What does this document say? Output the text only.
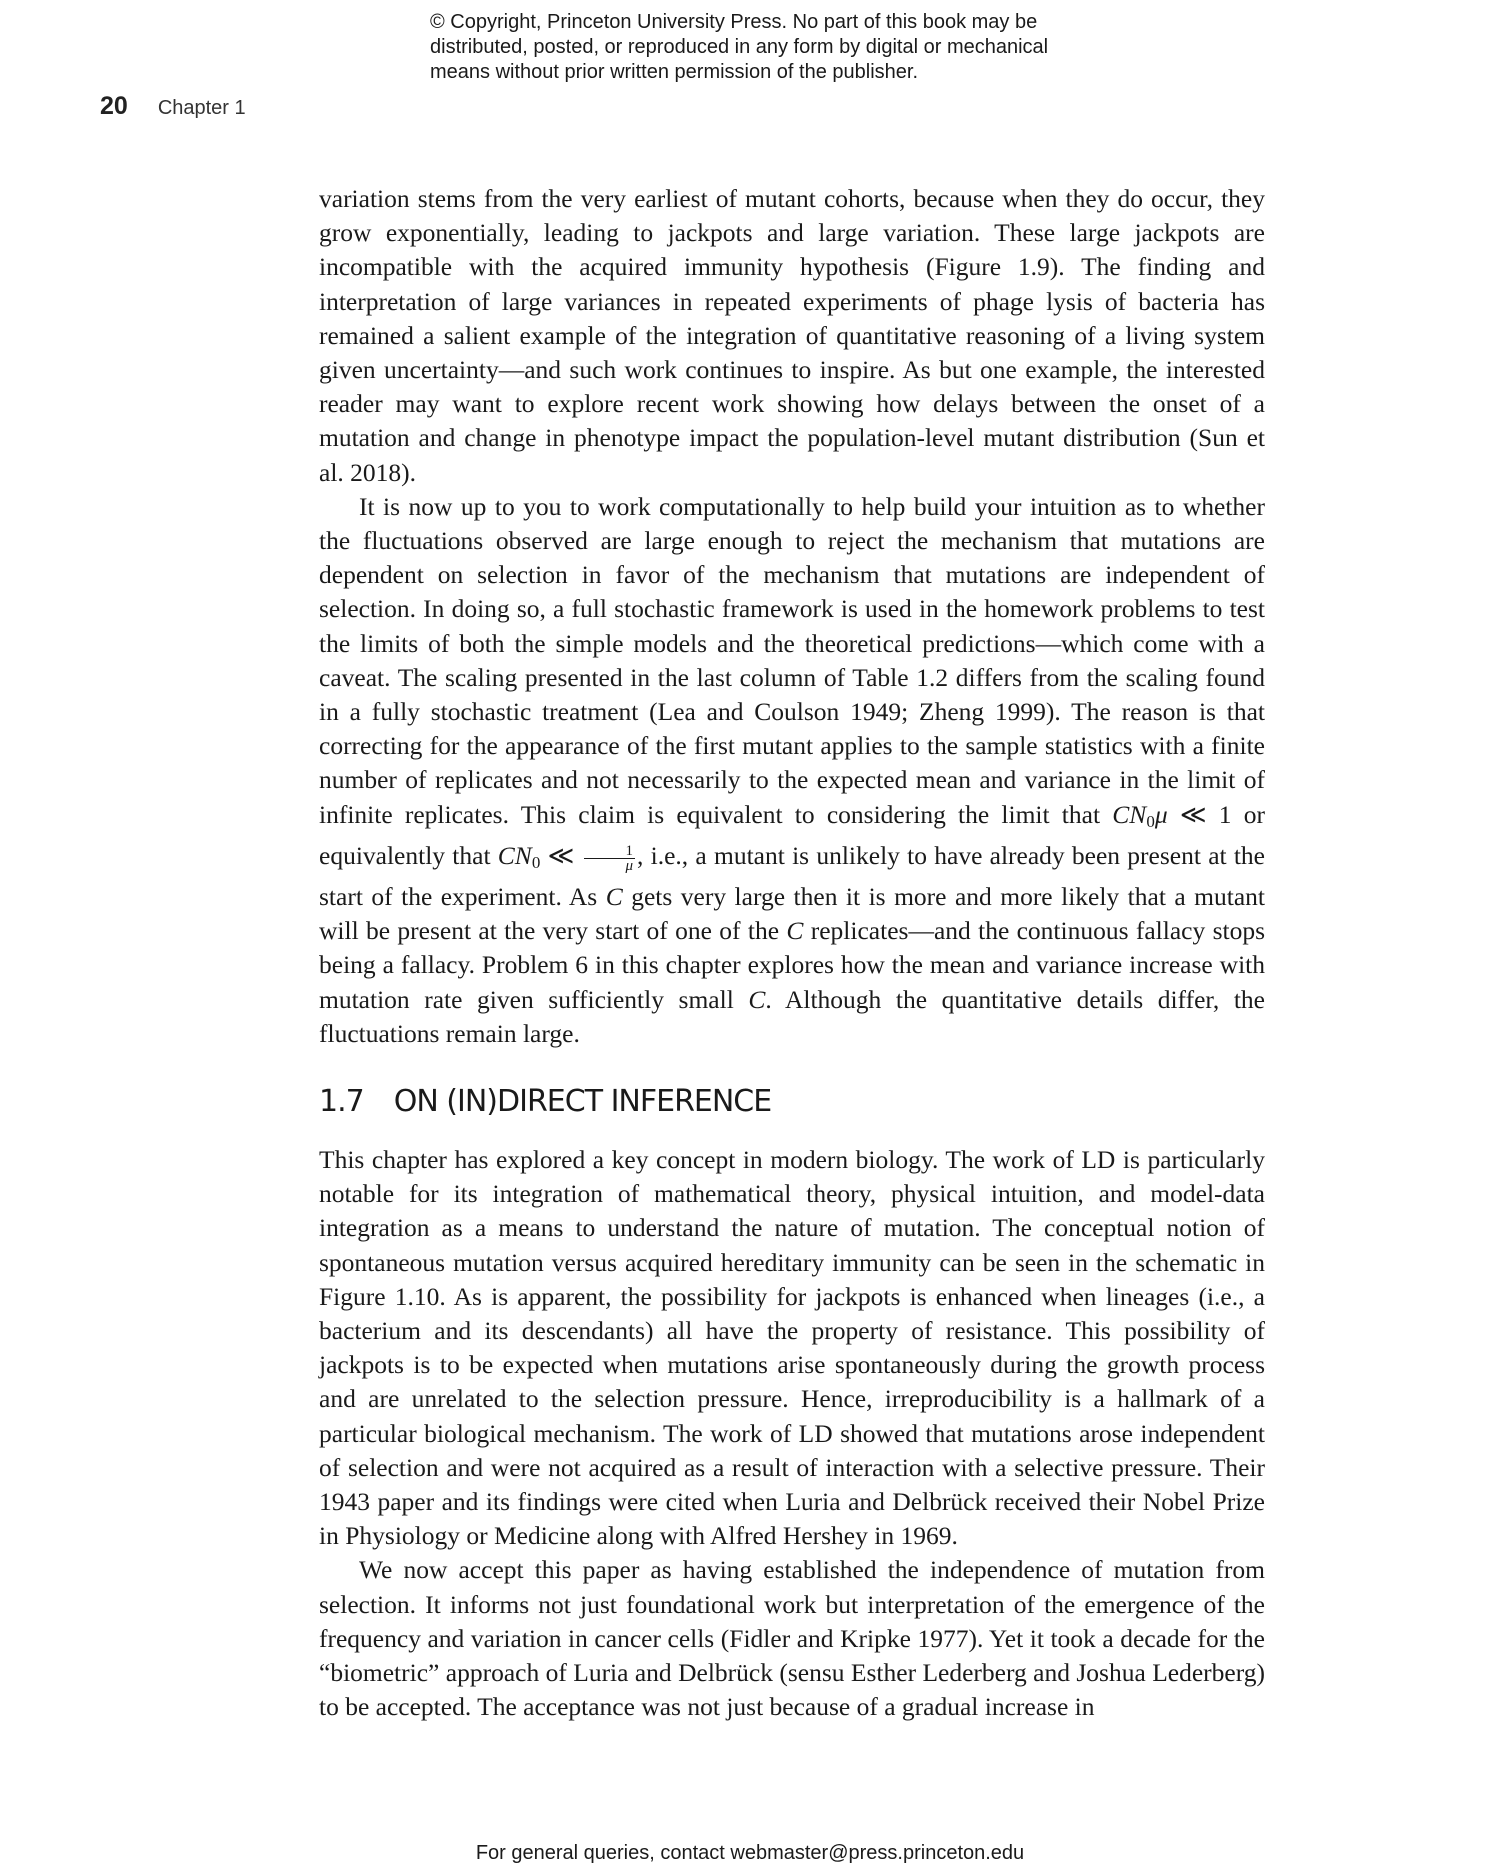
© Copyright, Princeton University Press. No part of this book may be
distributed, posted, or reproduced in any form by digital or mechanical
means without prior written permission of the publisher.
20 Chapter 1

variation stems from the very earliest of mutant cohorts, because when they do occur, they grow exponentially, leading to jackpots and large variation. These large jackpots are incompatible with the acquired immunity hypothesis (Figure 1.9). The finding and interpretation of large variances in repeated experiments of phage lysis of bacteria has remained a salient example of the integration of quantitative reasoning of a living system given uncertainty—and such work continues to inspire. As but one example, the interested reader may want to explore recent work showing how delays between the onset of a mutation and change in phenotype impact the population-level mutant distribution (Sun et al. 2018).

It is now up to you to work computationally to help build your intuition as to whether the fluctuations observed are large enough to reject the mechanism that mutations are dependent on selection in favor of the mechanism that mutations are independent of selection. In doing so, a full stochastic framework is used in the homework problems to test the limits of both the simple models and the theoretical predictions—which come with a caveat. The scaling presented in the last column of Table 1.2 differs from the scaling found in a fully stochastic treatment (Lea and Coulson 1949; Zheng 1999). The reason is that correcting for the appearance of the first mutant applies to the sample statistics with a finite number of replicates and not necessarily to the expected mean and variance in the limit of infinite replicates. This claim is equivalent to considering the limit that $CN_0\mu$ ≪ 1 or equivalently that $CN_0$ ≪ $\frac{1}{\mu}$ , i.e., a mutant is unlikely to have already been present at the start of the experiment. As C gets very large then it is more and more likely that a mutant will be present at the very start of one of the C replicates—and the continuous fallacy stops being a fallacy. Problem 6 in this chapter explores how the mean and variance increase with mutation rate given sufficiently small C. Although the quantitative details differ, the fluctuations remain large.

1.7 ON (IN)DIRECT INFERENCE

This chapter has explored a key concept in modern biology. The work of LD is particularly notable for its integration of mathematical theory, physical intuition, and model-data integration as a means to understand the nature of mutation. The conceptual notion of spontaneous mutation versus acquired hereditary immunity can be seen in the schematic in Figure 1.10. As is apparent, the possibility for jackpots is enhanced when lineages (i.e., a bacterium and its descendants) all have the property of resistance. This possibility of jackpots is to be expected when mutations arise spontaneously during the growth process and are unrelated to the selection pressure. Hence, irreproducibility is a hallmark of a particular biological mechanism. The work of LD showed that mutations arose independent of selection and were not acquired as a result of interaction with a selective pressure. Their 1943 paper and its findings were cited when Luria and Delbrück received their Nobel Prize in Physiology or Medicine along with Alfred Hershey in 1969.

We now accept this paper as having established the independence of mutation from selection. It informs not just foundational work but interpretation of the emergence of the frequency and variation in cancer cells (Fidler and Kripke 1977). Yet it took a decade for the “biometric” approach of Luria and Delbrück (sensu Esther Lederberg and Joshua Lederberg) to be accepted. The acceptance was not just because of a gradual increase in

For general queries, contact webmaster@press.princeton.edu
